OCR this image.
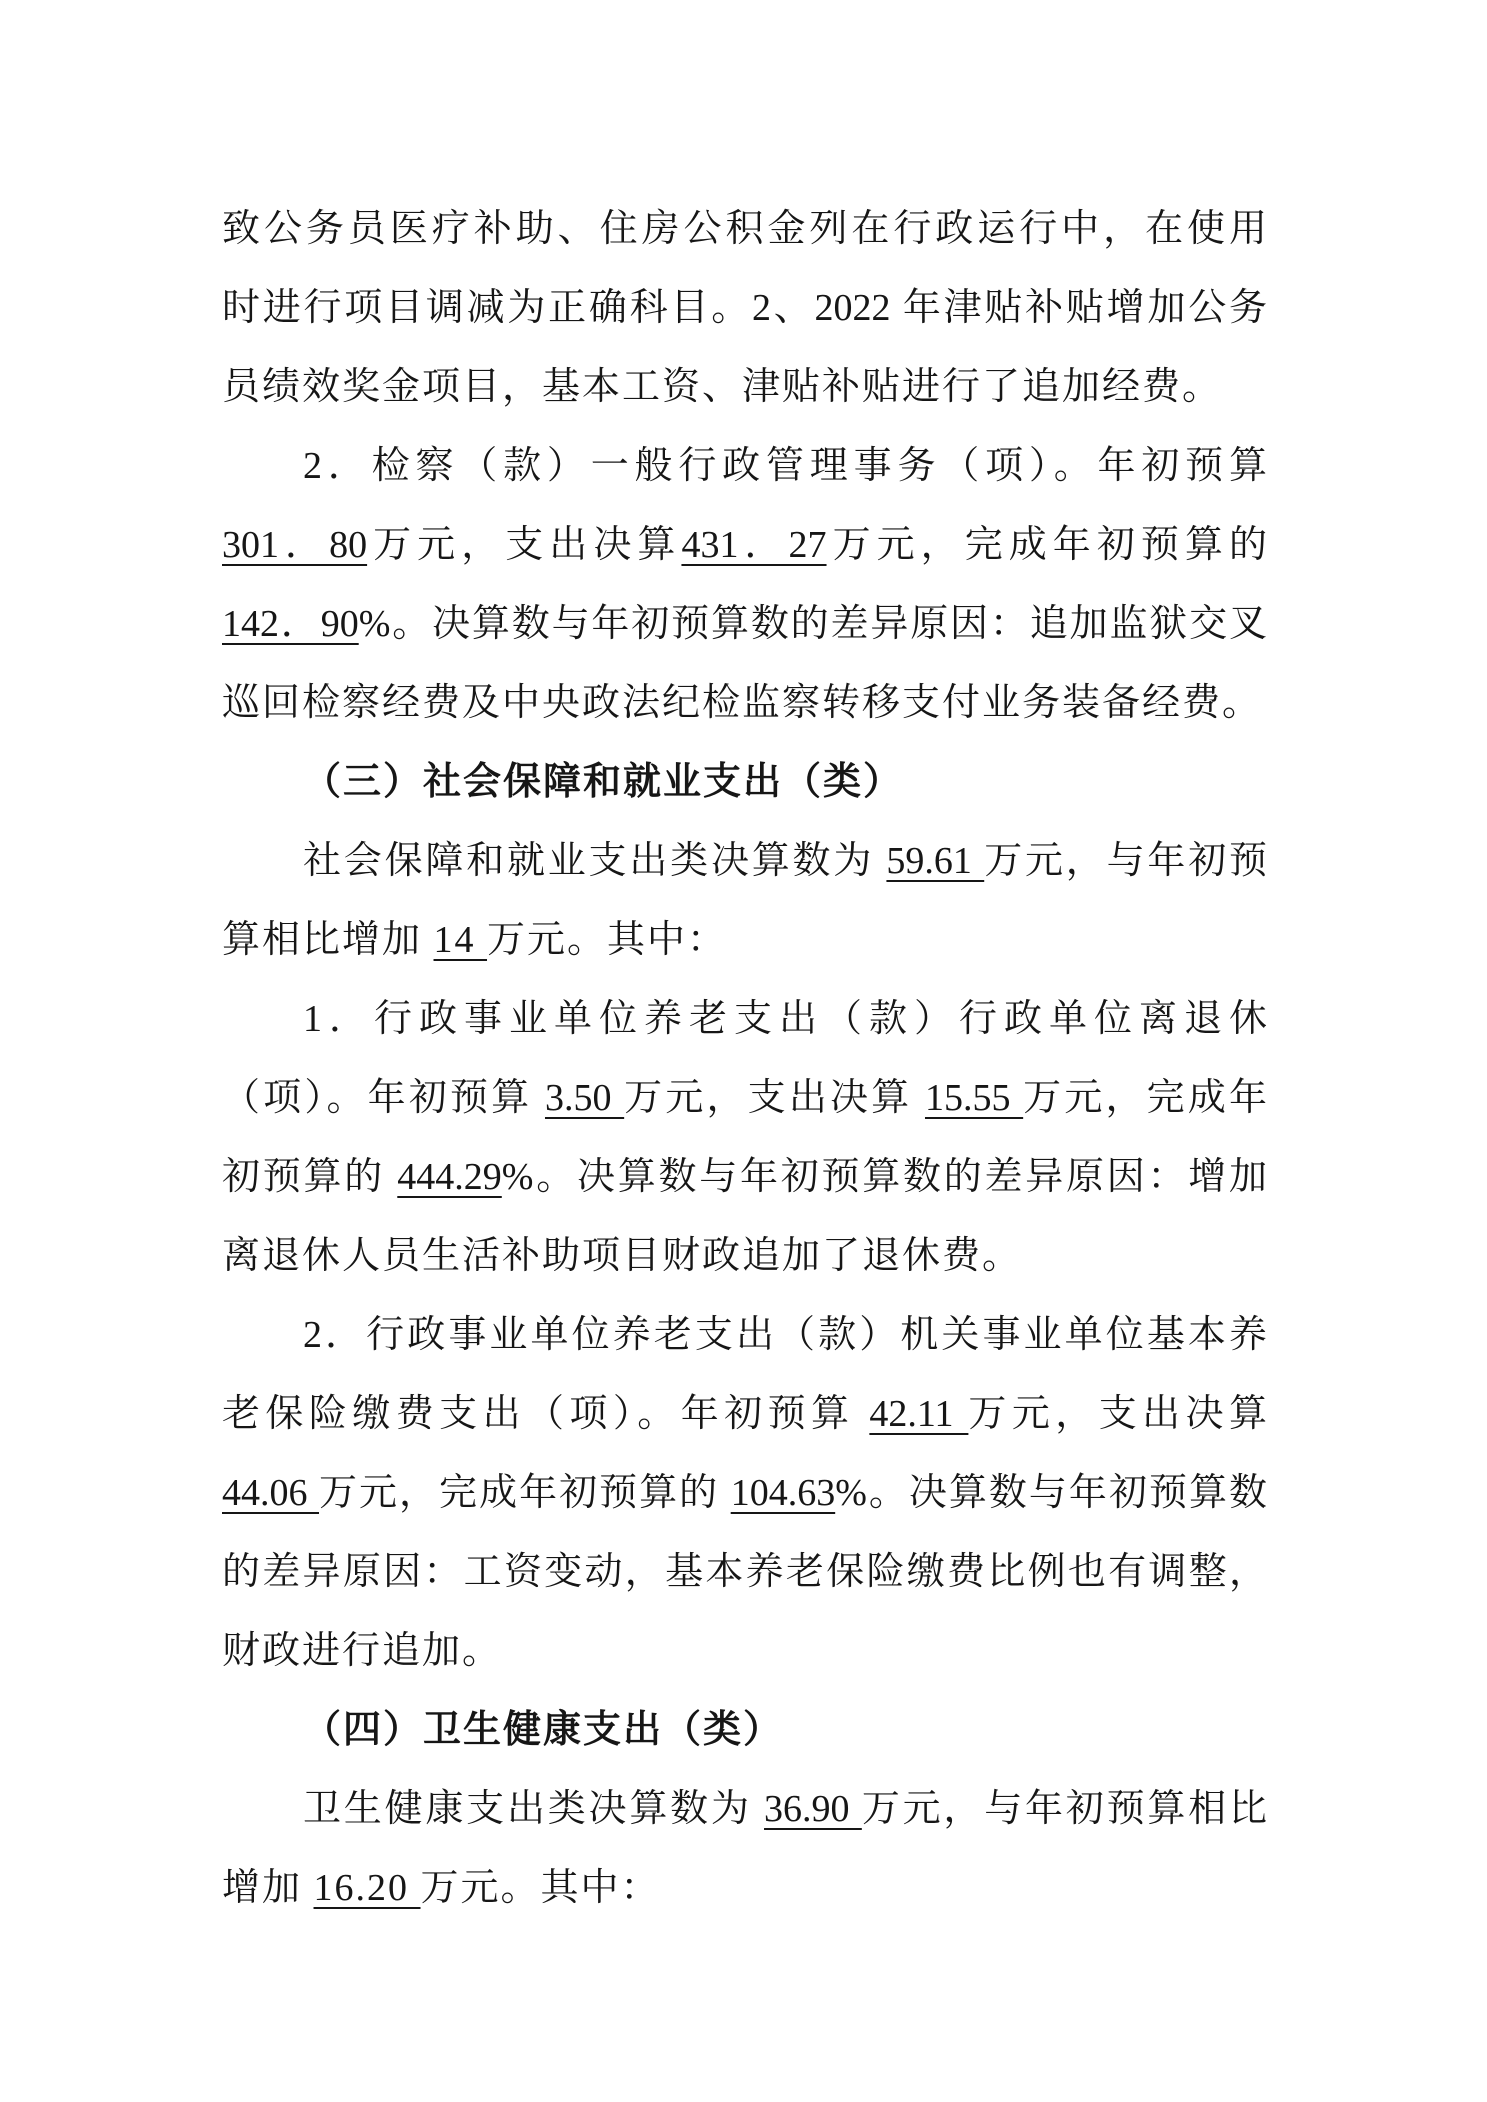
致公务员医疗补助、住房公积金列在行政运行中，在使用
时进行项目调减为正确科目。2、2022 年津贴补贴增加公务
员绩效奖金项目，基本工资、津贴补贴进行了追加经费。
2．检察（款）一般行政管理事务（项）。年初预算
301．80万元，支出决算431．27万元，完成年初预算的
142．90%。决算数与年初预算数的差异原因：追加监狱交叉
巡回检察经费及中央政法纪检监察转移支付业务装备经费。
（三）社会保障和就业支出（类）
社会保障和就业支出类决算数为 59.61 万元，与年初预
算相比增加 14 万元。其中：
1．行政事业单位养老支出（款）行政单位离退休
（项）。年初预算 3.50 万元，支出决算 15.55 万元，完成年
初预算的 444.29%。决算数与年初预算数的差异原因：增加
离退休人员生活补助项目财政追加了退休费。
2．行政事业单位养老支出（款）机关事业单位基本养
老保险缴费支出（项）。年初预算 42.11 万元，支出决算
44.06 万元，完成年初预算的 104.63%。决算数与年初预算数
的差异原因：工资变动，基本养老保险缴费比例也有调整，
财政进行追加。
（四）卫生健康支出（类）
卫生健康支出类决算数为 36.90 万元，与年初预算相比
增加 16.20 万元。其中：
